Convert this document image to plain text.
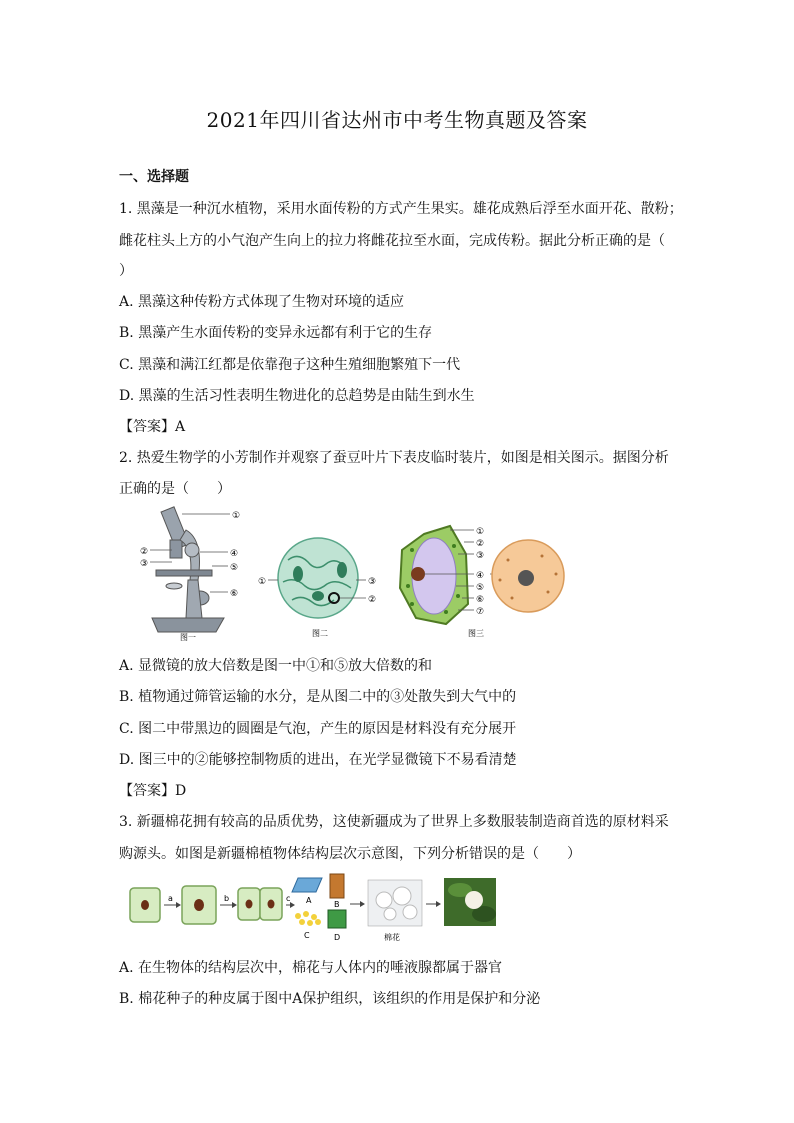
2021年四川省达州市中考生物真题及答案
一、选择题
1. 黑藻是一种沉水植物，采用水面传粉的方式产生果实。雄花成熟后浮至水面开花、散粉；
雌花柱头上方的小气泡产生向上的拉力将雌花拉至水面，完成传粉。据此分析正确的是（
）
A. 黑藻这种传粉方式体现了生物对环境的适应
B. 黑藻产生水面传粉的变异永远都有利于它的生存
C. 黑藻和满江红都是依靠孢子这种生殖细胞繁殖下一代
D. 黑藻的生活习性表明生物进化的总趋势是由陆生到水生
【答案】A
2. 热爱生物学的小芳制作并观察了蚕豆叶片下表皮临时装片，如图是相关图示。据图分析
正确的是（　　）
①
②
③
④
⑤
⑥
图一
①	③
②
图二
①
②
③
④
⑤
⑥
⑦
图三
A. 显微镜的放大倍数是图一中①和⑤放大倍数的和
B. 植物通过筛管运输的水分，是从图二中的③处散失到大气中的
C. 图二中带黑边的圆圈是气泡，产生的原因是材料没有充分展开
D. 图三中的②能够控制物质的进出，在光学显微镜下不易看清楚
【答案】D
3. 新疆棉花拥有较高的品质优势，这使新疆成为了世界上多数服装制造商首选的原材料采
购源头。如图是新疆棉植物体结构层次示意图，下列分析错误的是（　　）
a	b	c A	B
C	D	棉花
A. 在生物体的结构层次中，棉花与人体内的唾液腺都属于器官
B. 棉花种子的种皮属于图中A保护组织，该组织的作用是保护和分泌
